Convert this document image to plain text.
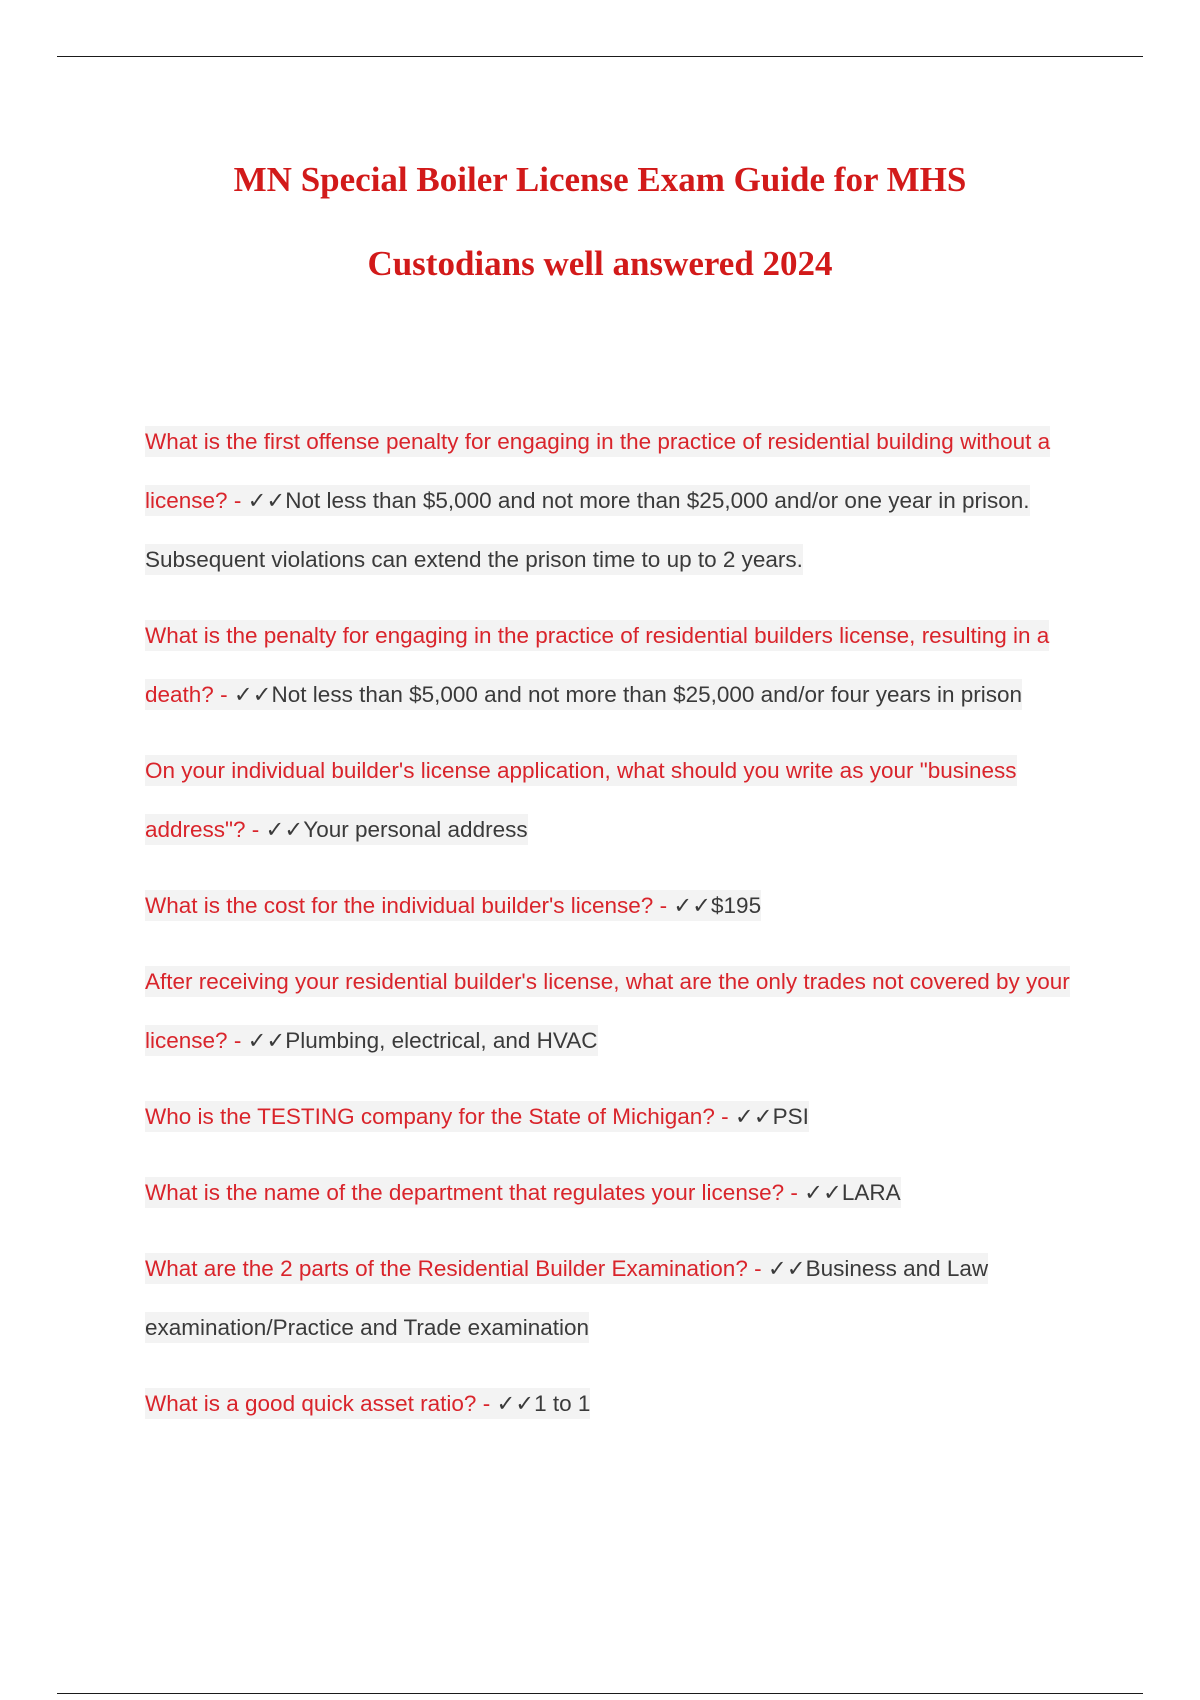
MN Special Boiler License Exam Guide for MHS
Custodians well answered 2024
What is the first offense penalty for engaging in the practice of residential building without a license? - ✓✓Not less than $5,000 and not more than $25,000 and/or one year in prison. Subsequent violations can extend the prison time to up to 2 years.
What is the penalty for engaging in the practice of residential builders license, resulting in a death? - ✓✓Not less than $5,000 and not more than $25,000 and/or four years in prison
On your individual builder's license application, what should you write as your "business address"? - ✓✓Your personal address
What is the cost for the individual builder's license? - ✓✓$195
After receiving your residential builder's license, what are the only trades not covered by your license? - ✓✓Plumbing, electrical, and HVAC
Who is the TESTING company for the State of Michigan? - ✓✓PSI
What is the name of the department that regulates your license? - ✓✓LARA
What are the 2 parts of the Residential Builder Examination? - ✓✓Business and Law examination/Practice and Trade examination
What is a good quick asset ratio? - ✓✓1 to 1
